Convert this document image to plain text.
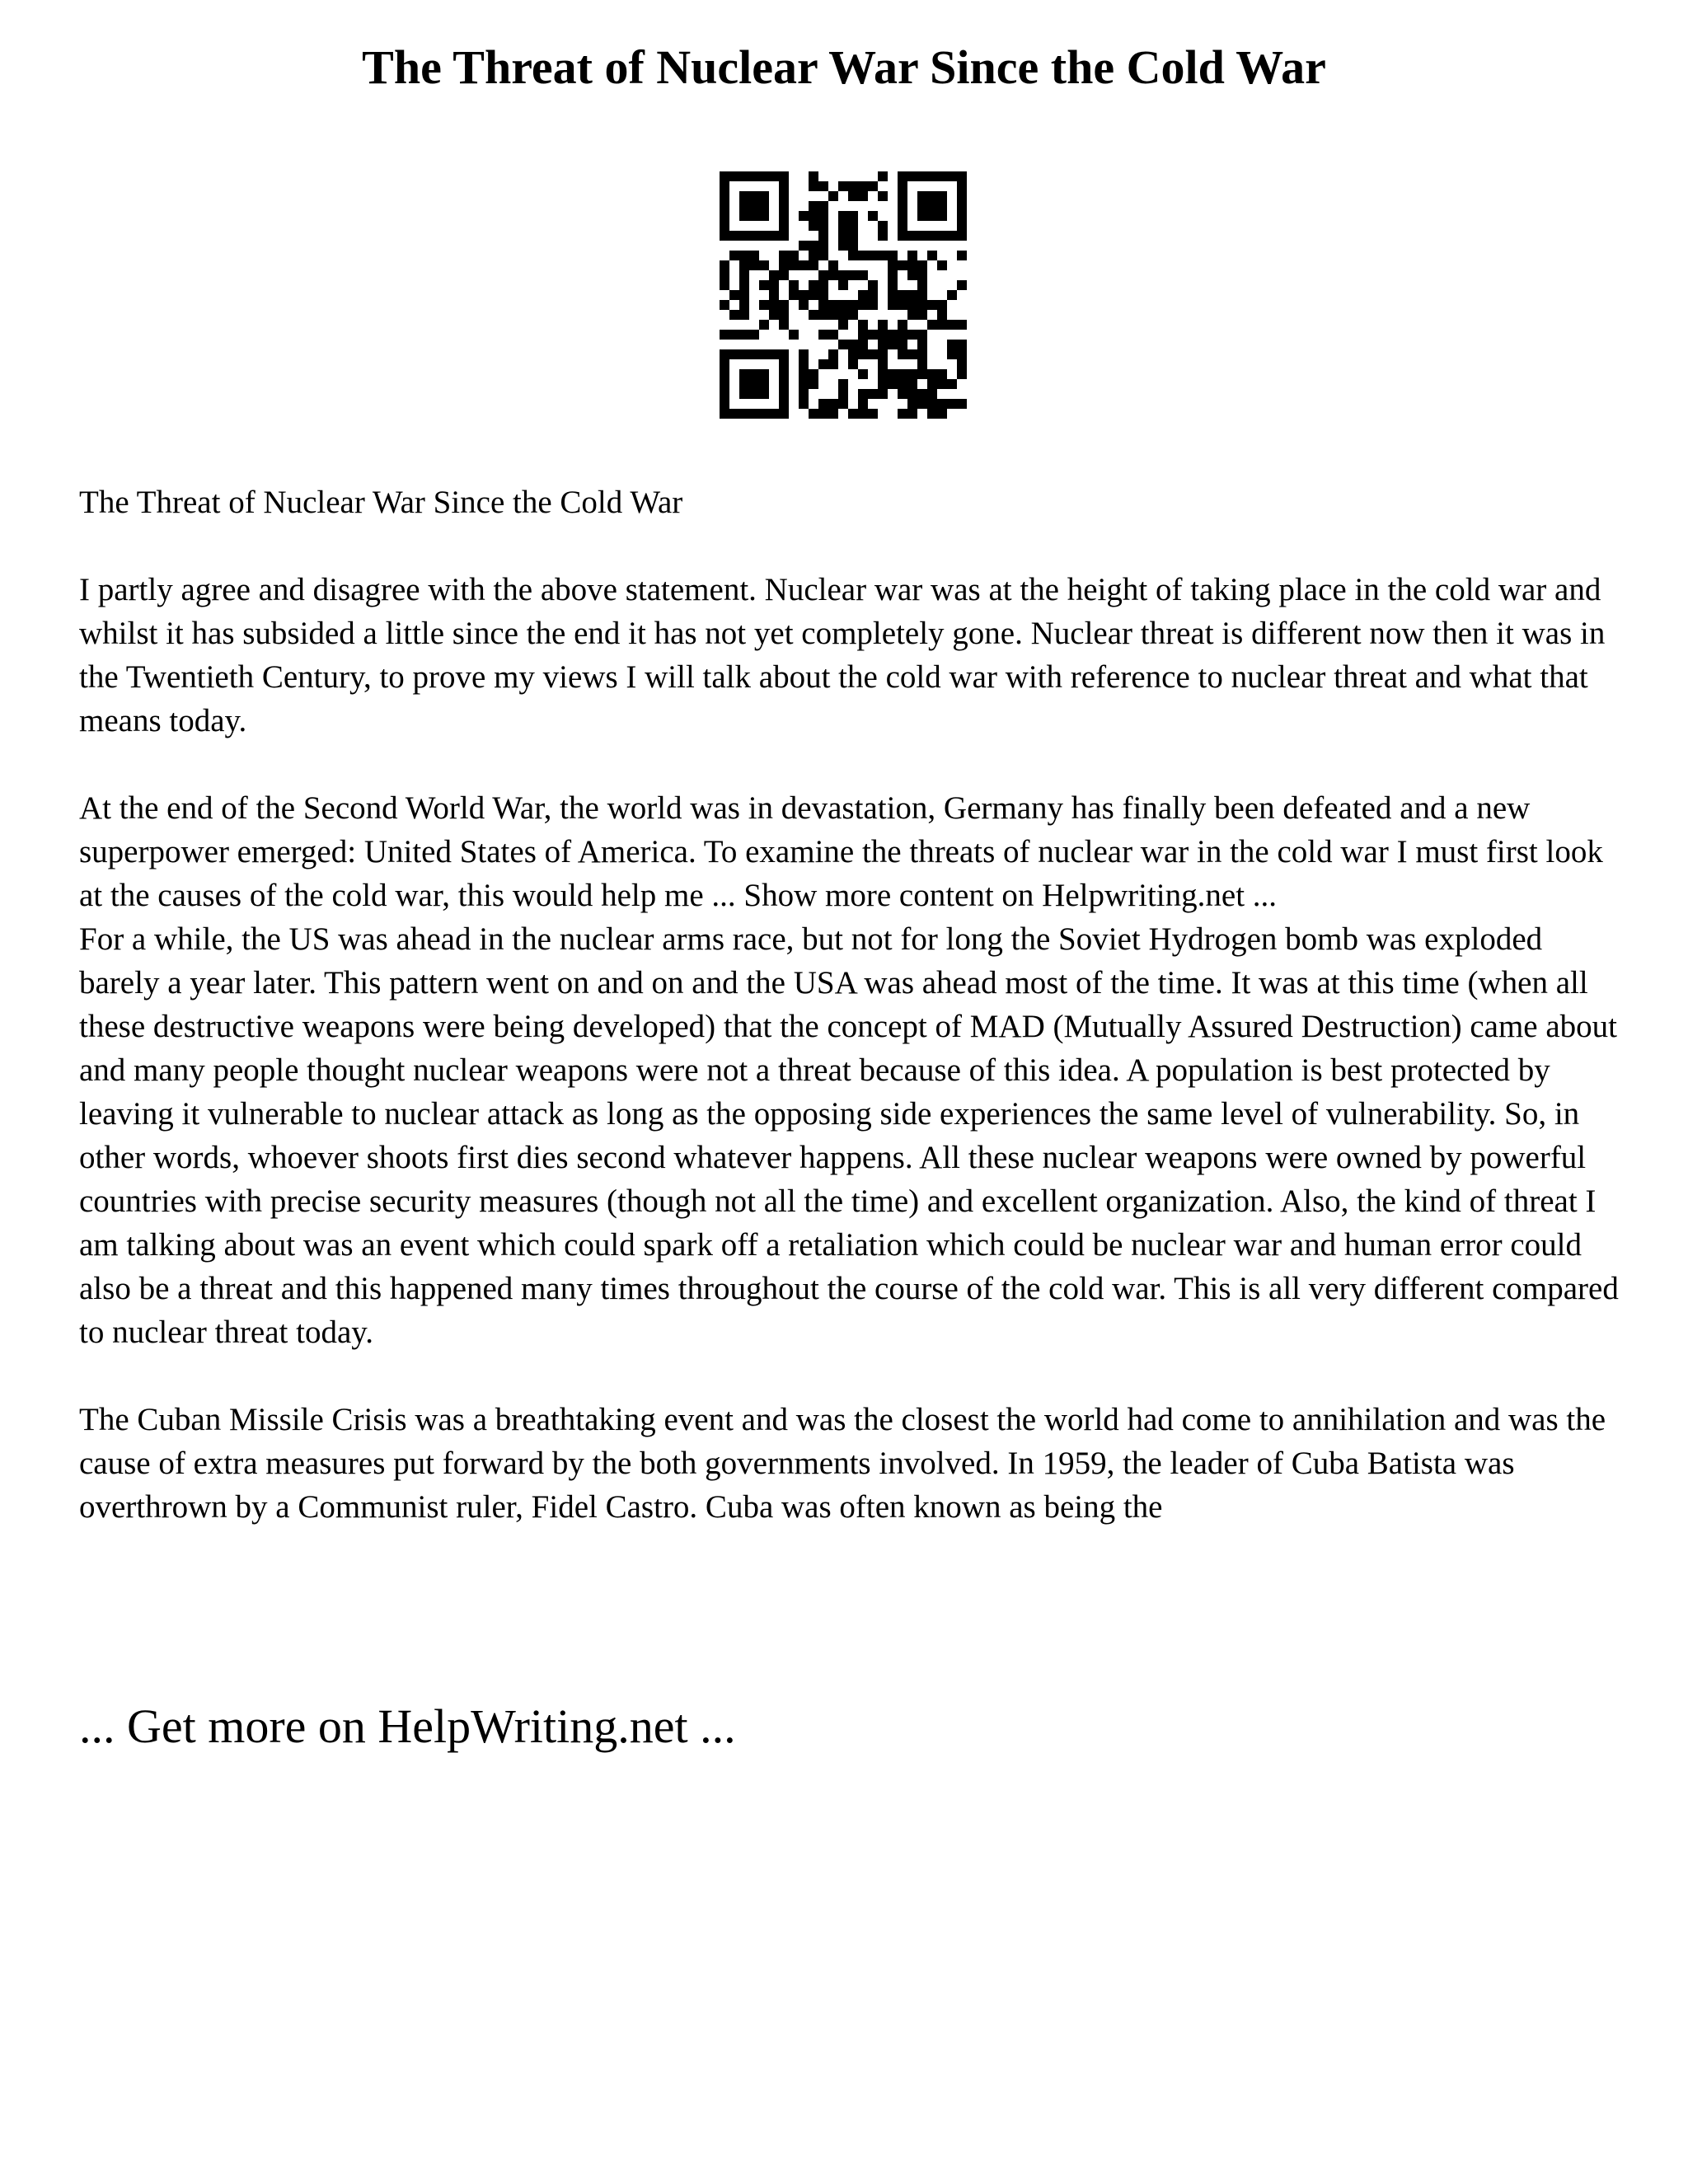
The Threat of Nuclear War Since the Cold War

The Threat of Nuclear War Since the Cold War

I partly agree and disagree with the above statement. Nuclear war was at the height of taking place in the cold war and whilst it has subsided a little since the end it has not yet completely gone. Nuclear threat is different now then it was in the Twentieth Century, to prove my views I will talk about the cold war with reference to nuclear threat and what that means today.

At the end of the Second World War, the world was in devastation, Germany has finally been defeated and a new superpower emerged: United States of America. To examine the threats of nuclear war in the cold war I must first look at the causes of the cold war, this would help me ... Show more content on Helpwriting.net ...

For a while, the US was ahead in the nuclear arms race, but not for long the Soviet Hydrogen bomb was exploded barely a year later. This pattern went on and on and the USA was ahead most of the time. It was at this time (when all these destructive weapons were being developed) that the concept of MAD (Mutually Assured Destruction) came about and many people thought nuclear weapons were not a threat because of this idea. A population is best protected by leaving it vulnerable to nuclear attack as long as the opposing side experiences the same level of vulnerability. So, in other words, whoever shoots first dies second whatever happens. All these nuclear weapons were owned by powerful countries with precise security measures (though not all the time) and excellent organization. Also, the kind of threat I am talking about was an event which could spark off a retaliation which could be nuclear war and human error could also be a threat and this happened many times throughout the course of the cold war. This is all very different compared to nuclear threat today.

The Cuban Missile Crisis was a breathtaking event and was the closest the world had come to annihilation and was the cause of extra measures put forward by the both governments involved. In 1959, the leader of Cuba Batista was overthrown by a Communist ruler, Fidel Castro. Cuba was often known as being the

... Get more on HelpWriting.net ...
